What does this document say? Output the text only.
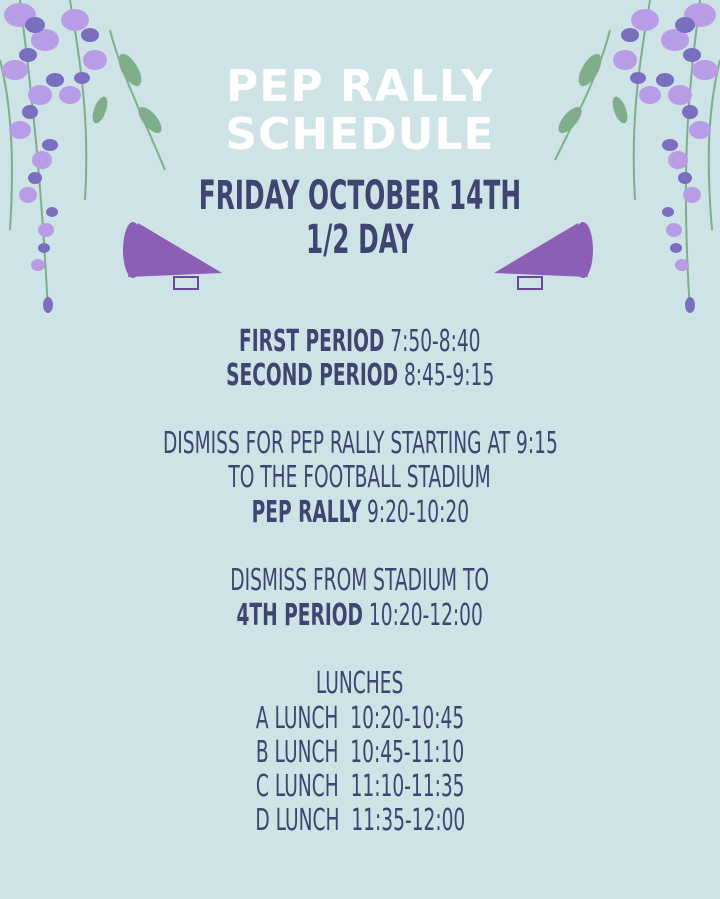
PEP RALLY
SCHEDULE
FRIDAY OCTOBER 14TH
1/2 DAY
FIRST PERIOD 7:50-8:40
SECOND PERIOD 8:45-9:15
DISMISS FOR PEP RALLY STARTING AT 9:15
TO THE FOOTBALL STADIUM
PEP RALLY 9:20-10:20
DISMISS FROM STADIUM TO
4TH PERIOD 10:20-12:00
LUNCHES
A LUNCH 10:20-10:45
B LUNCH 10:45-11:10
C LUNCH 11:10-11:35
D LUNCH 11:35-12:00
